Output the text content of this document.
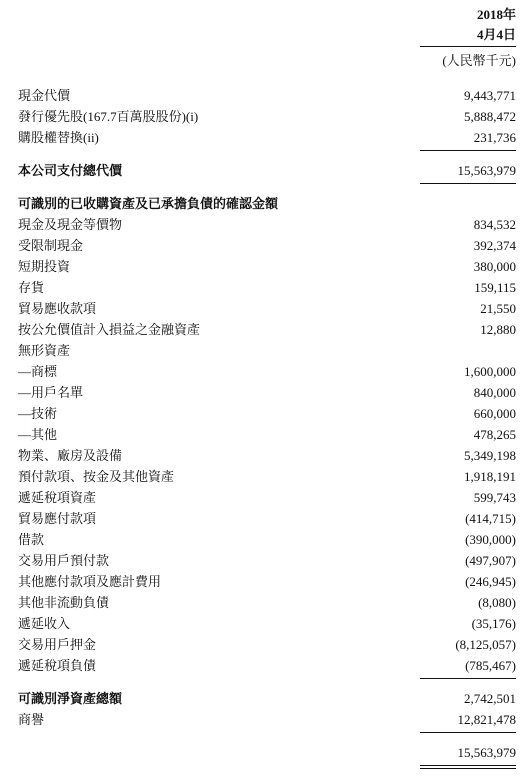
2018年
4月4日
(人民幣千元)
現金代價	9,443,771
發行優先股(167.7百萬股股份)(i)	5,888,472
購股權替換(ii)	231,736
本公司支付總代價	15,563,979
可識別的已收購資產及已承擔負債的確認金額
現金及現金等價物	834,532
受限制現金	392,374
短期投資	380,000
存貨	159,115
貿易應收款項	21,550
按公允價值計入損益之金融資產	12,880
無形資產
—商標	1,600,000
—用戶名單	840,000
—技術	660,000
—其他	478,265
物業、廠房及設備	5,349,198
預付款項、按金及其他資產	1,918,191
遞延稅項資產	599,743
貿易應付款項	(414,715)
借款	(390,000)
交易用戶預付款	(497,907)
其他應付款項及應計費用	(246,945)
其他非流動負債	(8,080)
遞延收入	(35,176)
交易用戶押金	(8,125,057)
遞延稅項負債	(785,467)
可識別淨資產總額	2,742,501
商譽	12,821,478
15,563,979
